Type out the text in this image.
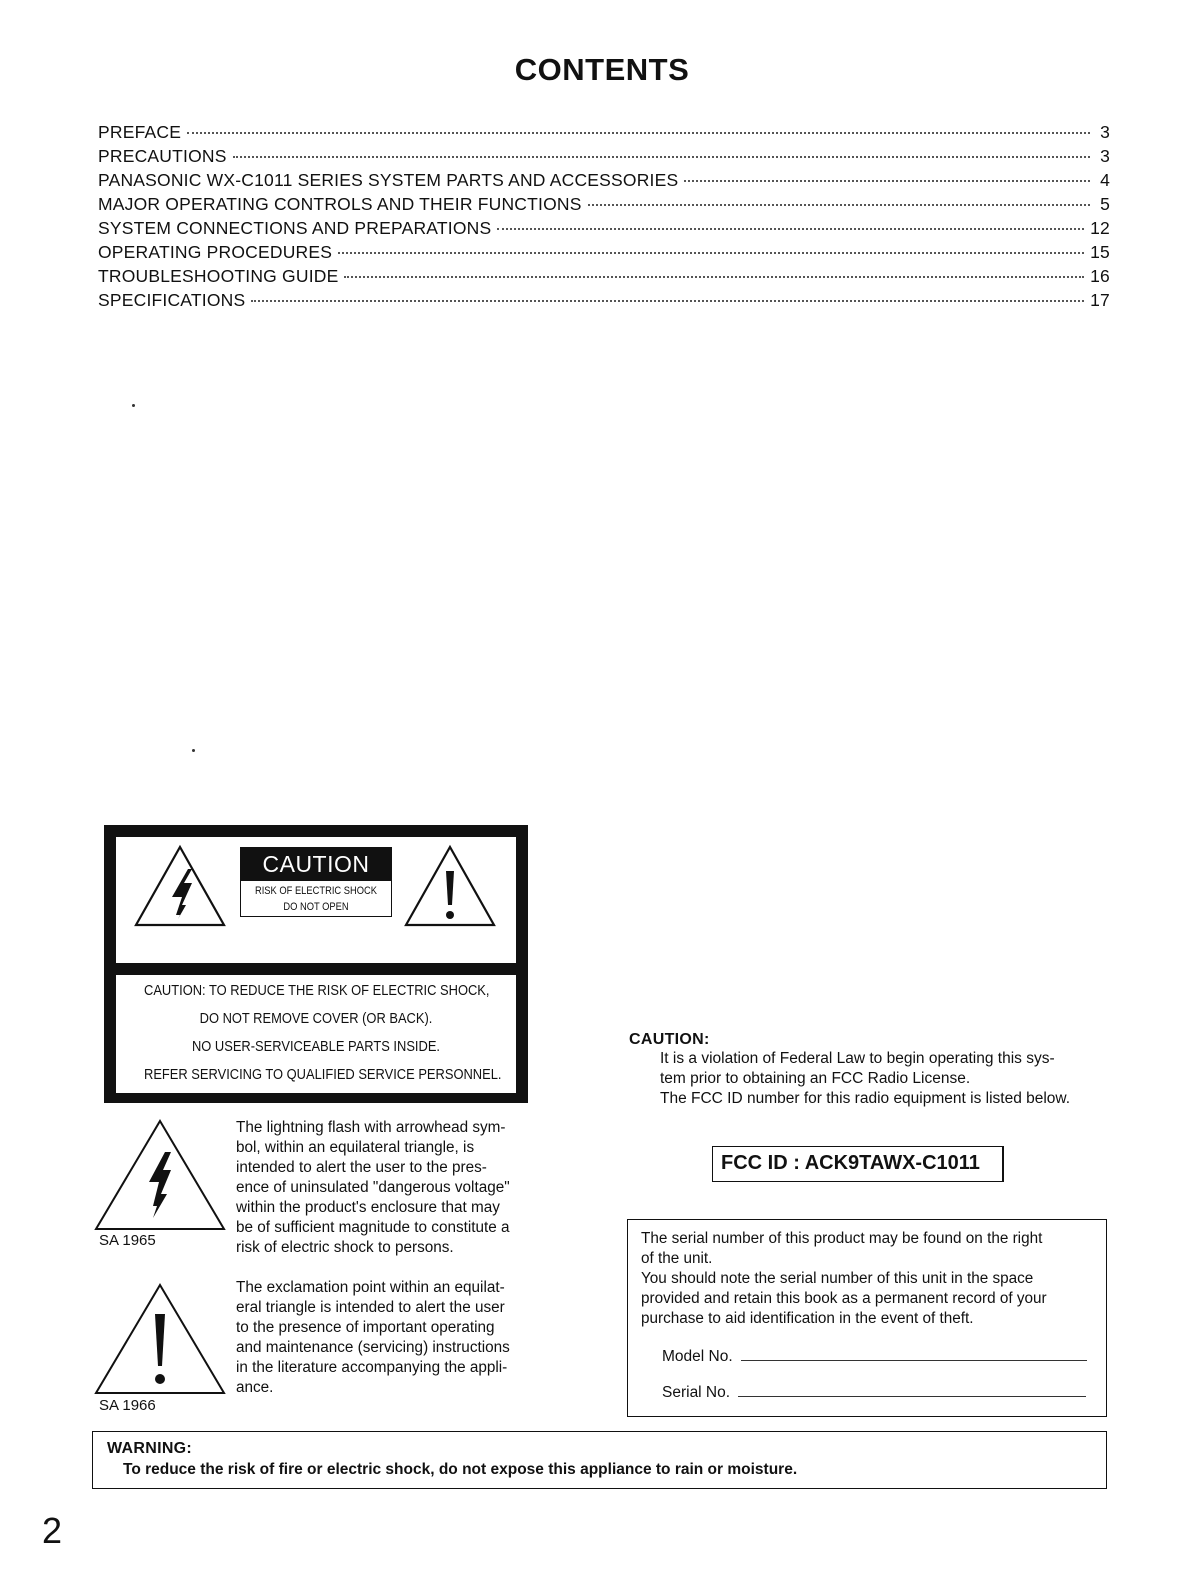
CONTENTS
PREFACE	3
PRECAUTIONS	3
PANASONIC WX-C1011 SERIES SYSTEM PARTS AND ACCESSORIES	4
MAJOR OPERATING CONTROLS AND THEIR FUNCTIONS	5
SYSTEM CONNECTIONS AND PREPARATIONS	12
OPERATING PROCEDURES	15
TROUBLESHOOTING GUIDE	16
SPECIFICATIONS	17
CAUTION
RISK OF ELECTRIC SHOCK
DO NOT OPEN
CAUTION: TO REDUCE THE RISK OF ELECTRIC SHOCK,
DO NOT REMOVE COVER (OR BACK).
NO USER-SERVICEABLE PARTS INSIDE.
REFER SERVICING TO QUALIFIED SERVICE PERSONNEL.
SA 1965
The lightning flash with arrowhead sym-
bol, within an equilateral triangle, is
intended to alert the user to the pres-
ence of uninsulated "dangerous voltage"
within the product's enclosure that may
be of sufficient magnitude to constitute a
risk of electric shock to persons.
SA 1966
The exclamation point within an equilat-
eral triangle is intended to alert the user
to the presence of important operating
and maintenance (servicing) instructions
in the literature accompanying the appli-
ance.
CAUTION:
It is a violation of Federal Law to begin operating this sys-
tem prior to obtaining an FCC Radio License.
The FCC ID number for this radio equipment is listed below.
FCC ID : ACK9TAWX-C1011
The serial number of this product may be found on the right
of the unit.
You should note the serial number of this unit in the space
provided and retain this book as a permanent record of your
purchase to aid identification in the event of theft.
Model No.
Serial No.
WARNING:
To reduce the risk of fire or electric shock, do not expose this appliance to rain or moisture.
2
